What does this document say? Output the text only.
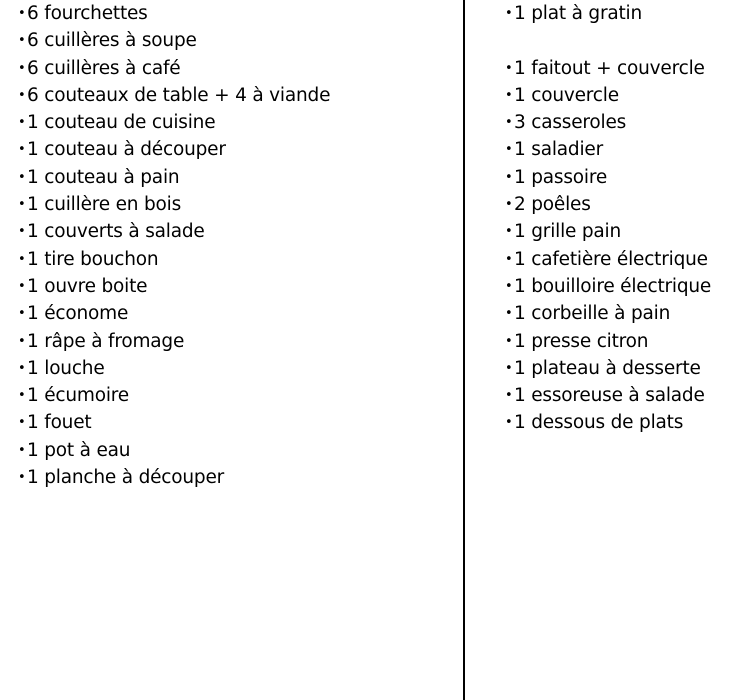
•6 fourchettes
•6 cuillères à soupe
•6 cuillères à café
•6 couteaux de table + 4 à viande
•1 couteau de cuisine
•1 couteau à découper
•1 couteau à pain
•1 cuillère en bois
•1 couverts à salade
•1 tire bouchon
•1 ouvre boite
•1 économe
•1 râpe à fromage
•1 louche
•1 écumoire
•1 fouet
•1 pot à eau
•1 planche à découper
•1 plat à gratin
•1 faitout + couvercle
•1 couvercle
•3 casseroles
•1 saladier
•1 passoire
•2 poêles
•1 grille pain
•1 cafetière électrique
•1 bouilloire électrique
•1 corbeille à pain
•1 presse citron
•1 plateau à desserte
•1 essoreuse à salade
•1 dessous de plats
